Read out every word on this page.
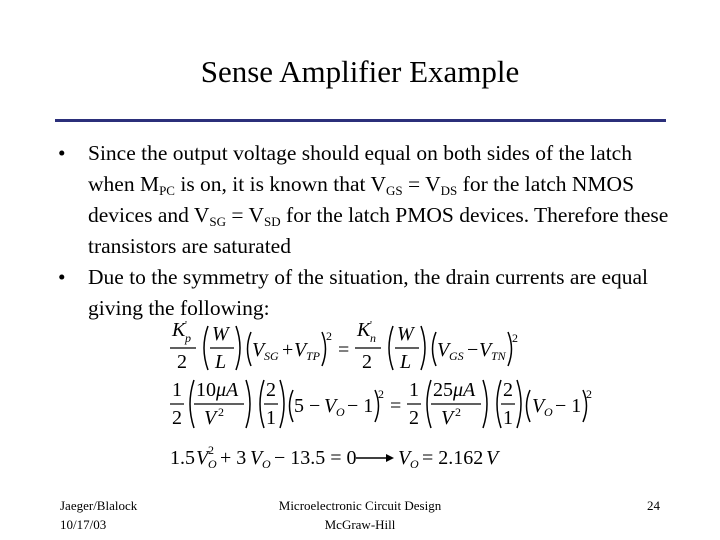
Sense Amplifier Example
• Since the output voltage should equal on both sides of the latch when $M_{PC}$ is on, it is known that $V_{GS} = V_{DS}$ for the latch NMOS devices and $V_{SG} = V_{SD}$ for the latch PMOS devices. Therefore these transistors are saturated
• Due to the symmetry of the situation, the drain currents are equal giving the following:
K '
p
2
W
L
V SG + V TP
2
=
K '
n
2
W
L
V GS − V TN
2
1
2
10 μA
V 2
2
1
5 − V O − 1
2
=
1
2
25 μA
V 2
2
1
V O − 1
2
1.5 V O
2 + 3 V O − 13.5 = 0 V O = 2.162 V
Jaeger/Blalock
10/17/03
Microelectronic Circuit Design
McGraw-Hill
24
